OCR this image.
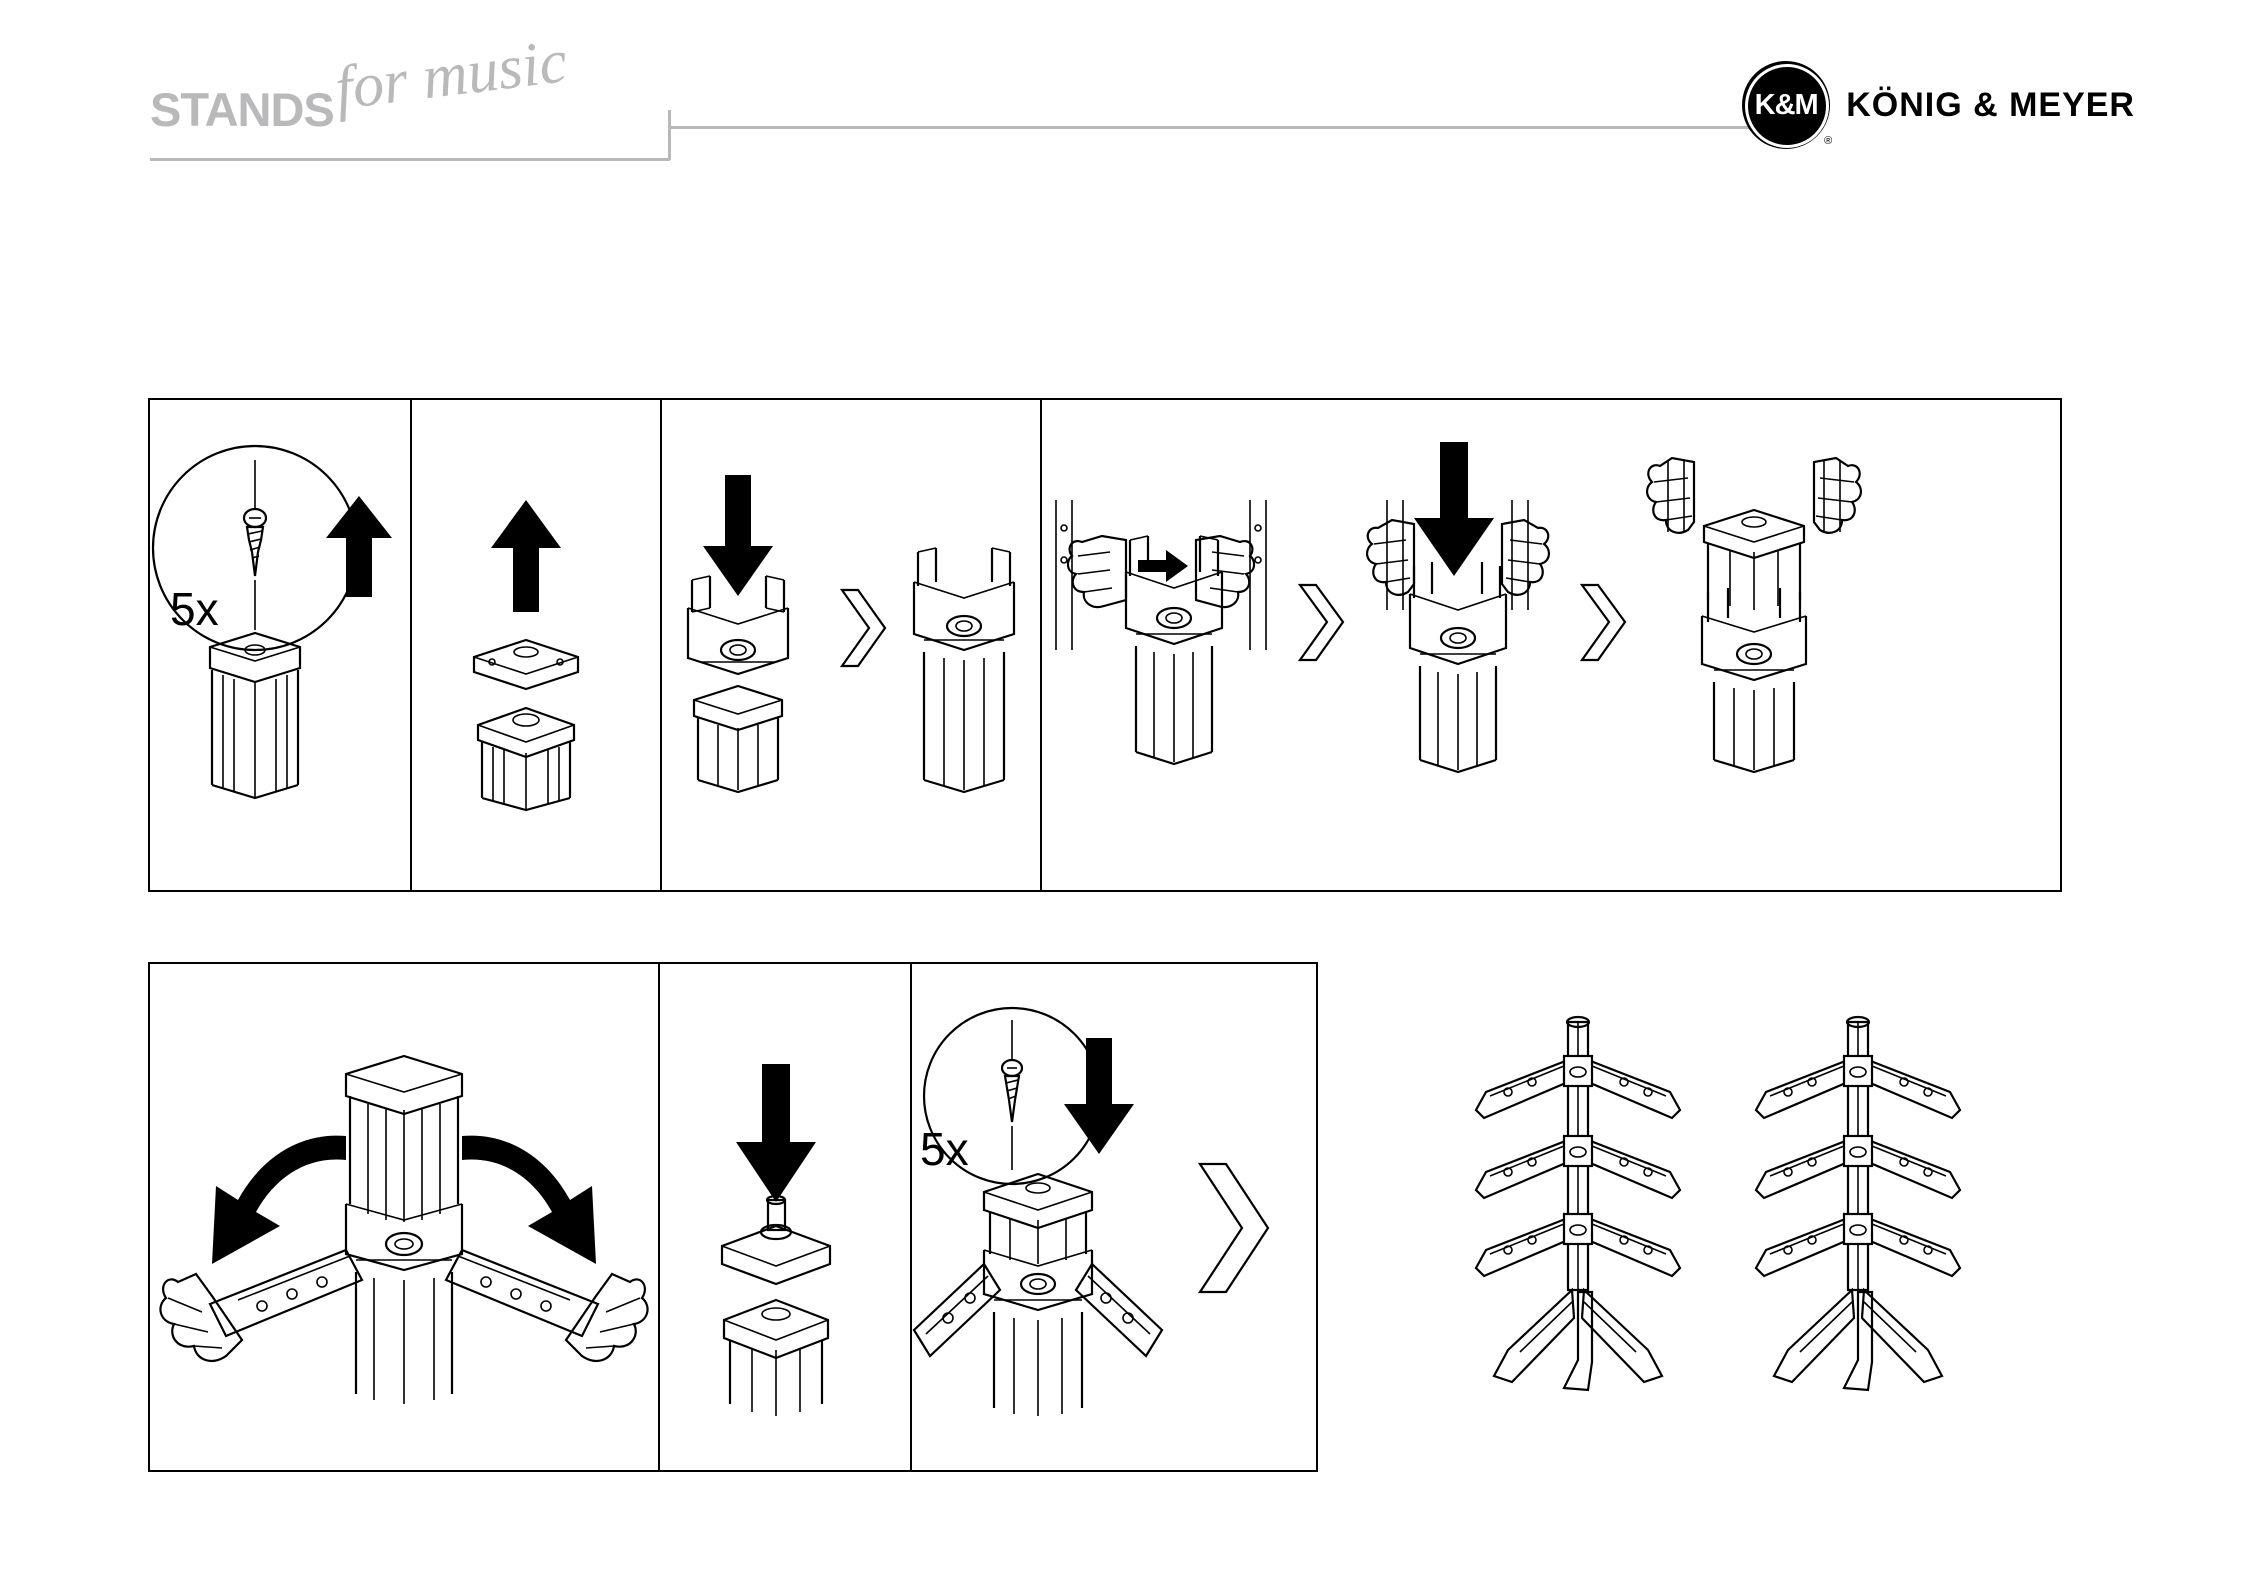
STANDS
for music	K&M
®
KÖNIG & MEYER
5x
5x
